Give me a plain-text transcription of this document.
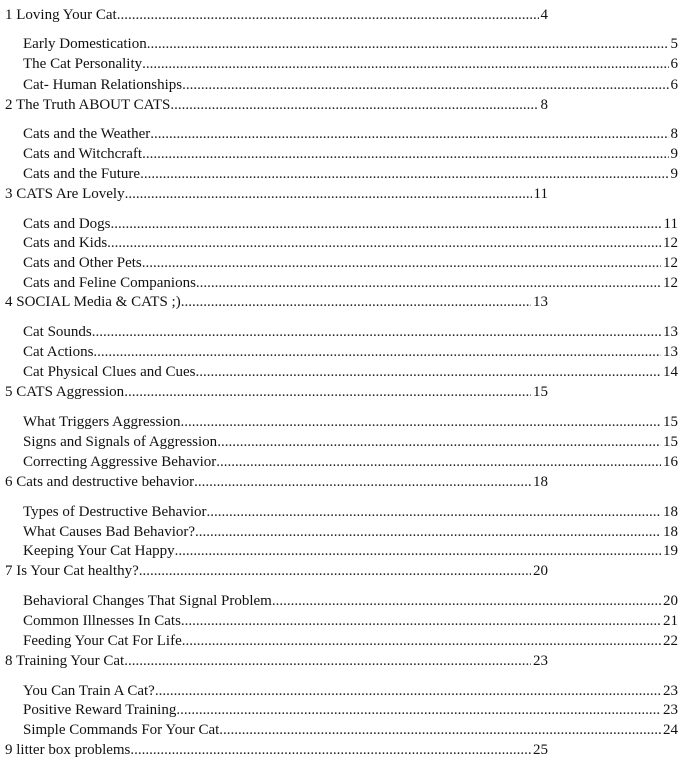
1 Loving Your Cat .....	4
Early Domestication .....	5
The Cat Personality .....	6
Cat- Human Relationships .....	6
2 The Truth ABOUT CATS .....	8
Cats and the Weather .....	8
Cats and Witchcraft .....	9
Cats and the Future .....	9
3 CATS Are Lovely .....	11
Cats and Dogs .....	11
Cats and Kids .....	12
Cats and Other Pets .....	12
Cats and Feline Companions .....	12
4 SOCIAL Media & CATS ;) .....	13
Cat Sounds .....	13
Cat Actions .....	13
Cat Physical Clues and Cues .....	14
5 CATS Aggression .....	15
What Triggers Aggression .....	15
Signs and Signals of Aggression .....	15
Correcting Aggressive Behavior .....	16
6 Cats and destructive behavior .....	18
Types of Destructive Behavior .....	18
What Causes Bad Behavior? .....	18
Keeping Your Cat Happy .....	19
7 Is Your Cat healthy? .....	20
Behavioral Changes That Signal Problem .....	20
Common Illnesses In Cats .....	21
Feeding Your Cat For Life .....	22
8 Training Your Cat .....	23
You Can Train A Cat? .....	23
Positive Reward Training .....	23
Simple Commands For Your Cat .....	24
9 litter box problems .....	25
